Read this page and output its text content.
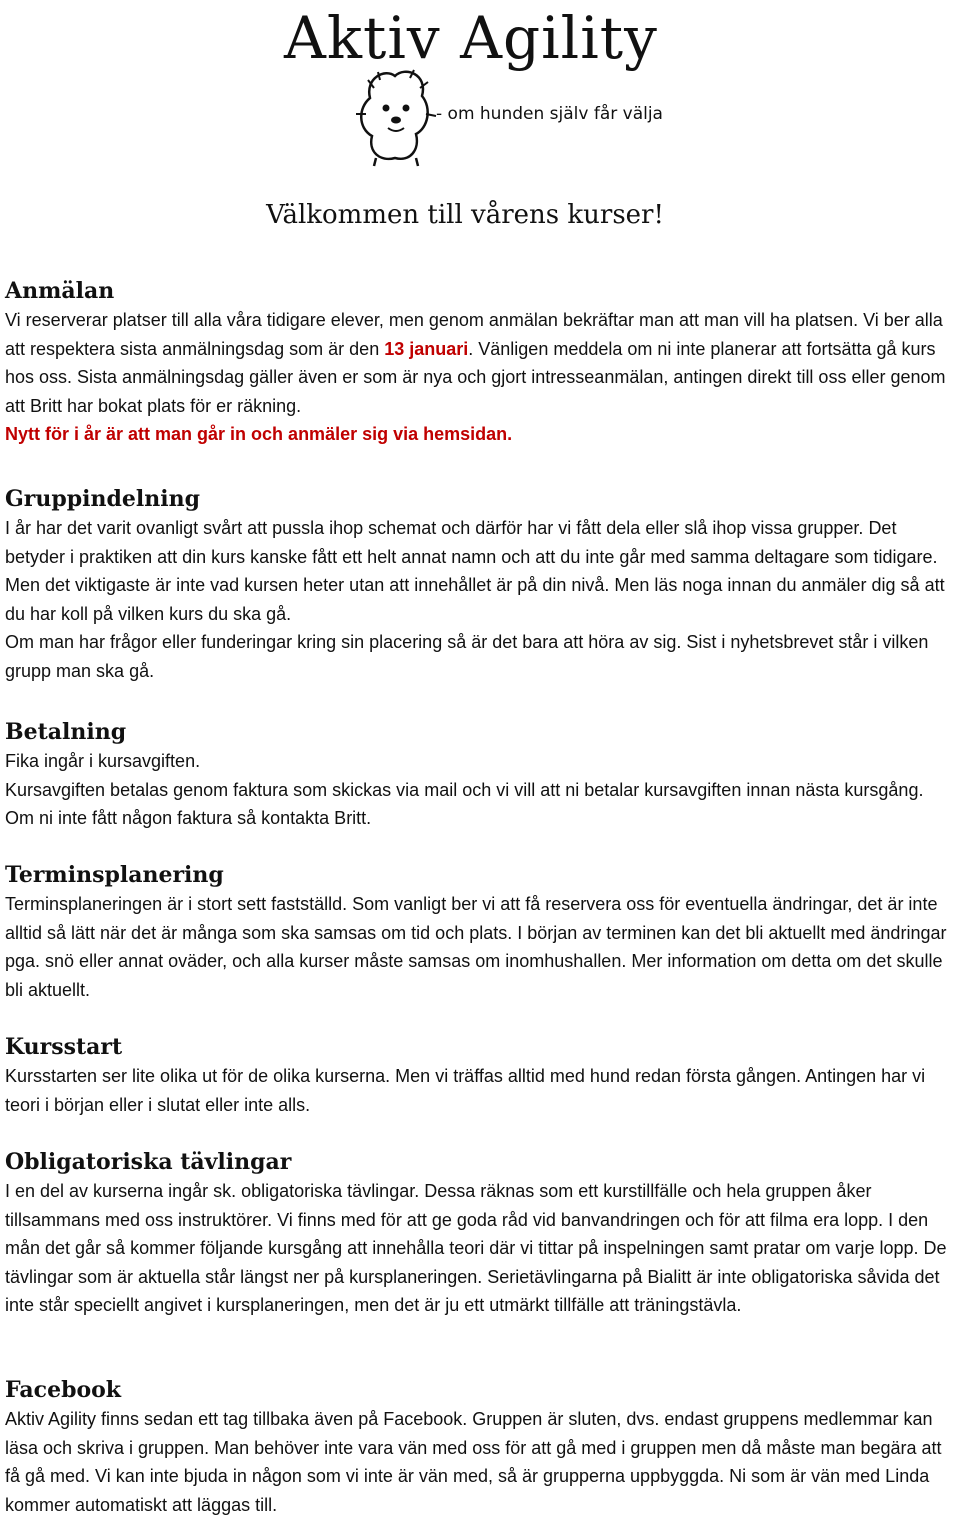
Aktiv Agility
- om hunden själv får välja
Välkommen till vårens kurser!
Anmälan

Vi reserverar platser till alla våra tidigare elever, men genom anmälan bekräftar man att man vill ha platsen. Vi ber alla att respektera sista anmälningsdag som är den 13 januari. Vänligen meddela om ni inte planerar att fortsätta gå kurs hos oss. Sista anmälningsdag gäller även er som är nya och gjort intresseanmälan, antingen direkt till oss eller genom att Britt har bokat plats för er räkning.
Nytt för i år är att man går in och anmäler sig via hemsidan.

Gruppindelning

I år har det varit ovanligt svårt att pussla ihop schemat och därför har vi fått dela eller slå ihop vissa grupper. Det betyder i praktiken att din kurs kanske fått ett helt annat namn och att du inte går med samma deltagare som tidigare. Men det viktigaste är inte vad kursen heter utan att innehållet är på din nivå. Men läs noga innan du anmäler dig så att du har koll på vilken kurs du ska gå.

Om man har frågor eller funderingar kring sin placering så är det bara att höra av sig. Sist i nyhetsbrevet står i vilken grupp man ska gå.

Betalning

Fika ingår i kursavgiften.

Kursavgiften betalas genom faktura som skickas via mail och vi vill att ni betalar kursavgiften innan nästa kursgång. Om ni inte fått någon faktura så kontakta Britt.

Terminsplanering

Terminsplaneringen är i stort sett fastställd. Som vanligt ber vi att få reservera oss för eventuella ändringar, det är inte alltid så lätt när det är många som ska samsas om tid och plats. I början av terminen kan det bli aktuellt med ändringar pga. snö eller annat oväder, och alla kurser måste samsas om inomhushallen. Mer information om detta om det skulle bli aktuellt.

Kursstart

Kursstarten ser lite olika ut för de olika kurserna. Men vi träffas alltid med hund redan första gången. Antingen har vi teori i början eller i slutat eller inte alls.

Obligatoriska tävlingar

I en del av kurserna ingår sk. obligatoriska tävlingar. Dessa räknas som ett kurstillfälle och hela gruppen åker tillsammans med oss instruktörer. Vi finns med för att ge goda råd vid banvandringen och för att filma era lopp. I den mån det går så kommer följande kursgång att innehålla teori där vi tittar på inspelningen samt pratar om varje lopp. De tävlingar som är aktuella står längst ner på kursplaneringen. Serietävlingarna på Bialitt är inte obligatoriska såvida det inte står speciellt angivet i kursplaneringen, men det är ju ett utmärkt tillfälle att träningstävla.

Facebook

Aktiv Agility finns sedan ett tag tillbaka även på Facebook. Gruppen är sluten, dvs. endast gruppens medlemmar kan läsa och skriva i gruppen. Man behöver inte vara vän med oss för att gå med i gruppen men då måste man begära att få gå med. Vi kan inte bjuda in någon som vi inte är vän med, så är grupperna uppbyggda. Ni som är vän med Linda kommer automatiskt att läggas till.
